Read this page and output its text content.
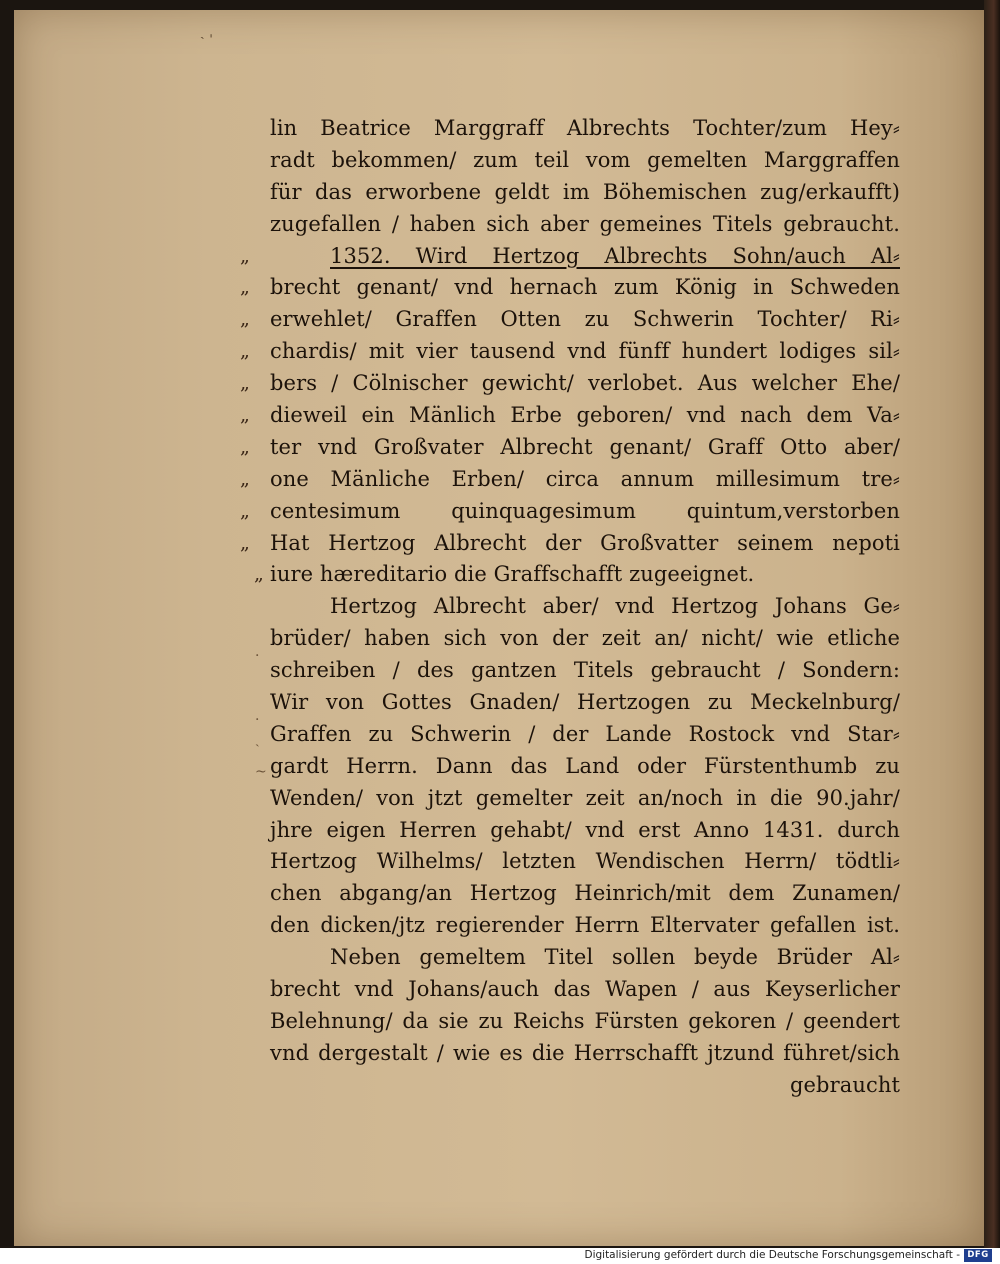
ˎ ˌ
lin Beatrice Marggraff Albrechts Tochter/zum Hey⸗
radt bekommen/ zum teil vom gemelten Marggraffen
für das erworbene geldt im Böhemischen zug/erkaufft)
zugefallen / haben sich aber gemeines Titels gebraucht.
„	1352. Wird Hertzog Albrechts Sohn/auch Al⸗
„ brecht genant/ vnd hernach zum König in Schweden
„ erwehlet/ Graffen Otten zu Schwerin Tochter/ Ri⸗
„ chardis/ mit vier tausend vnd fünff hundert lodiges sil⸗
„ bers / Cölnischer gewicht/ verlobet. Aus welcher Ehe/
„ dieweil ein Mänlich Erbe geboren/ vnd nach dem Va⸗
„ ter vnd Großvater Albrecht genant/ Graff Otto aber/
„ one Mänliche Erben/ circa annum millesimum tre⸗
„ centesimum quinquagesimum quintum,verstorben
„ Hat Hertzog Albrecht der Großvatter seinem nepoti
„ iure hæreditario die Graffschafft zugeeignet.
Hertzog Albrecht aber/ vnd Hertzog Johans Ge⸗
brüder/ haben sich von der zeit an/ nicht/ wie etliche
schreiben / des gantzen Titels gebraucht / Sondern:
Wir von Gottes Gnaden/ Hertzogen zu Meckelnburg/
Graffen zu Schwerin / der Lande Rostock vnd Star⸗
gardt Herrn. Dann das Land oder Fürstenthumb zu
Wenden/ von jtzt gemelter zeit an/noch in die 90.jahr/
jhre eigen Herren gehabt/ vnd erst Anno 1431. durch
Hertzog Wilhelms/ letzten Wendischen Herrn/ tödtli⸗
chen abgang/an Hertzog Heinrich/mit dem Zunamen/
den dicken/jtz regierender Herrn Eltervater gefallen ist.
Neben gemeltem Titel sollen beyde Brüder Al⸗
brecht vnd Johans/auch das Wapen / aus Keyserlicher
Belehnung/ da sie zu Reichs Fürsten gekoren / geendert
vnd dergestalt / wie es die Herrschafft jtzund führet/sich
gebraucht
·
·
˴
~
Digitalisierung gefördert durch die Deutsche Forschungsgemeinschaft - DFG
